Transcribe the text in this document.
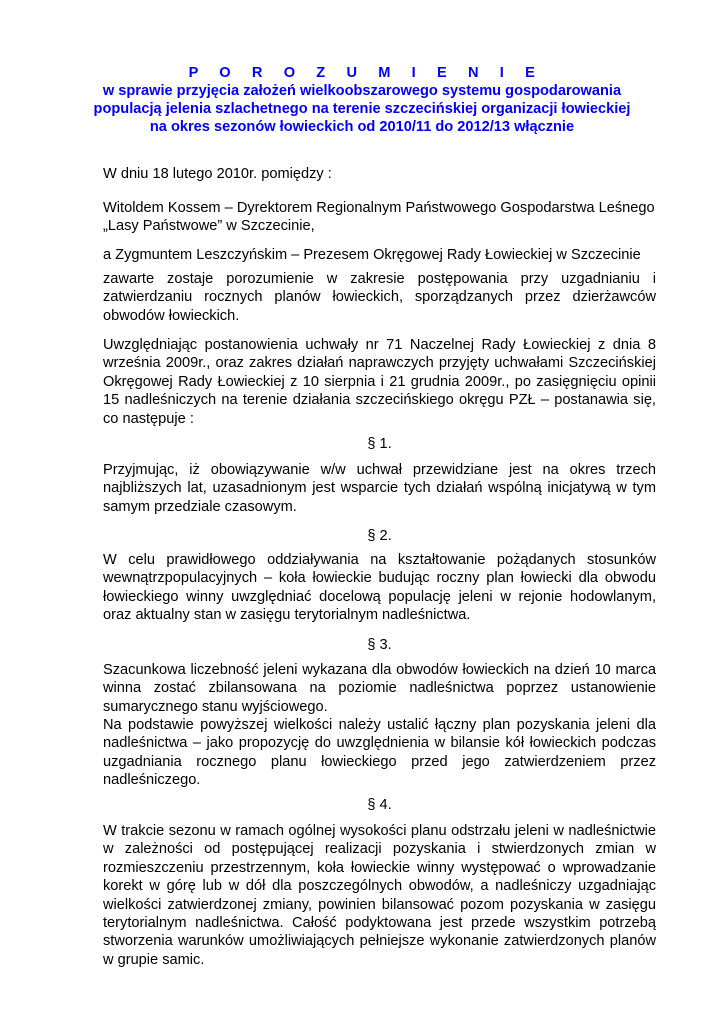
P O R O Z U M I E N I E
w sprawie przyjęcia założeń wielkoobszarowego systemu gospodarowania
populacją jelenia szlachetnego na terenie szczecińskiej organizacji łowieckiej
na okres sezonów łowieckich od 2010/11 do 2012/13 włącznie

W dniu 18 lutego 2010r. pomiędzy :

Witoldem Kossem – Dyrektorem Regionalnym Państwowego Gospodarstwa Leśnego
„Lasy Państwowe” w Szczecinie,

a Zygmuntem Leszczyńskim – Prezesem Okręgowej Rady Łowieckiej w Szczecinie

zawarte zostaje porozumienie w zakresie postępowania przy uzgadnianiu i zatwierdzaniu rocznych planów łowieckich, sporządzanych przez dzierżawców obwodów łowieckich.

Uwzględniając postanowienia uchwały nr 71 Naczelnej Rady Łowieckiej z dnia 8 września 2009r., oraz zakres działań naprawczych przyjęty uchwałami Szczecińskiej Okręgowej Rady Łowieckiej z 10 sierpnia i 21 grudnia 2009r., po zasięgnięciu opinii 15 nadleśniczych na terenie działania szczecińskiego okręgu PZŁ – postanawia się, co następuje :

§ 1.

Przyjmując, iż obowiązywanie w/w uchwał przewidziane jest na okres trzech najbliższych lat, uzasadnionym jest wsparcie tych działań wspólną inicjatywą w tym samym przedziale czasowym.

§ 2.

W celu prawidłowego oddziaływania na kształtowanie pożądanych stosunków wewnątrzpopulacyjnych – koła łowieckie budując roczny plan łowiecki dla obwodu łowieckiego winny uwzględniać docelową populację jeleni w rejonie hodowlanym, oraz aktualny stan w zasięgu terytorialnym nadleśnictwa.

§ 3.

Szacunkowa liczebność jeleni wykazana dla obwodów łowieckich na dzień 10 marca winna zostać zbilansowana na poziomie nadleśnictwa poprzez ustanowienie sumarycznego stanu wyjściowego.

Na podstawie powyższej wielkości należy ustalić łączny plan pozyskania jeleni dla nadleśnictwa – jako propozycję do uwzględnienia w bilansie kół łowieckich podczas uzgadniania rocznego planu łowieckiego przed jego zatwierdzeniem przez nadleśniczego.

§ 4.

W trakcie sezonu w ramach ogólnej wysokości planu odstrzału jeleni w nadleśnictwie w zależności od postępującej realizacji pozyskania i stwierdzonych zmian w rozmieszczeniu przestrzennym, koła łowieckie winny występować o wprowadzanie korekt w górę lub w dół dla poszczególnych obwodów, a nadleśniczy uzgadniając wielkości zatwierdzonej zmiany, powinien bilansować pozom pozyskania w zasięgu terytorialnym nadleśnictwa. Całość podyktowana jest przede wszystkim potrzebą stworzenia warunków umożliwiających pełniejsze wykonanie zatwierdzonych planów w grupie samic.
